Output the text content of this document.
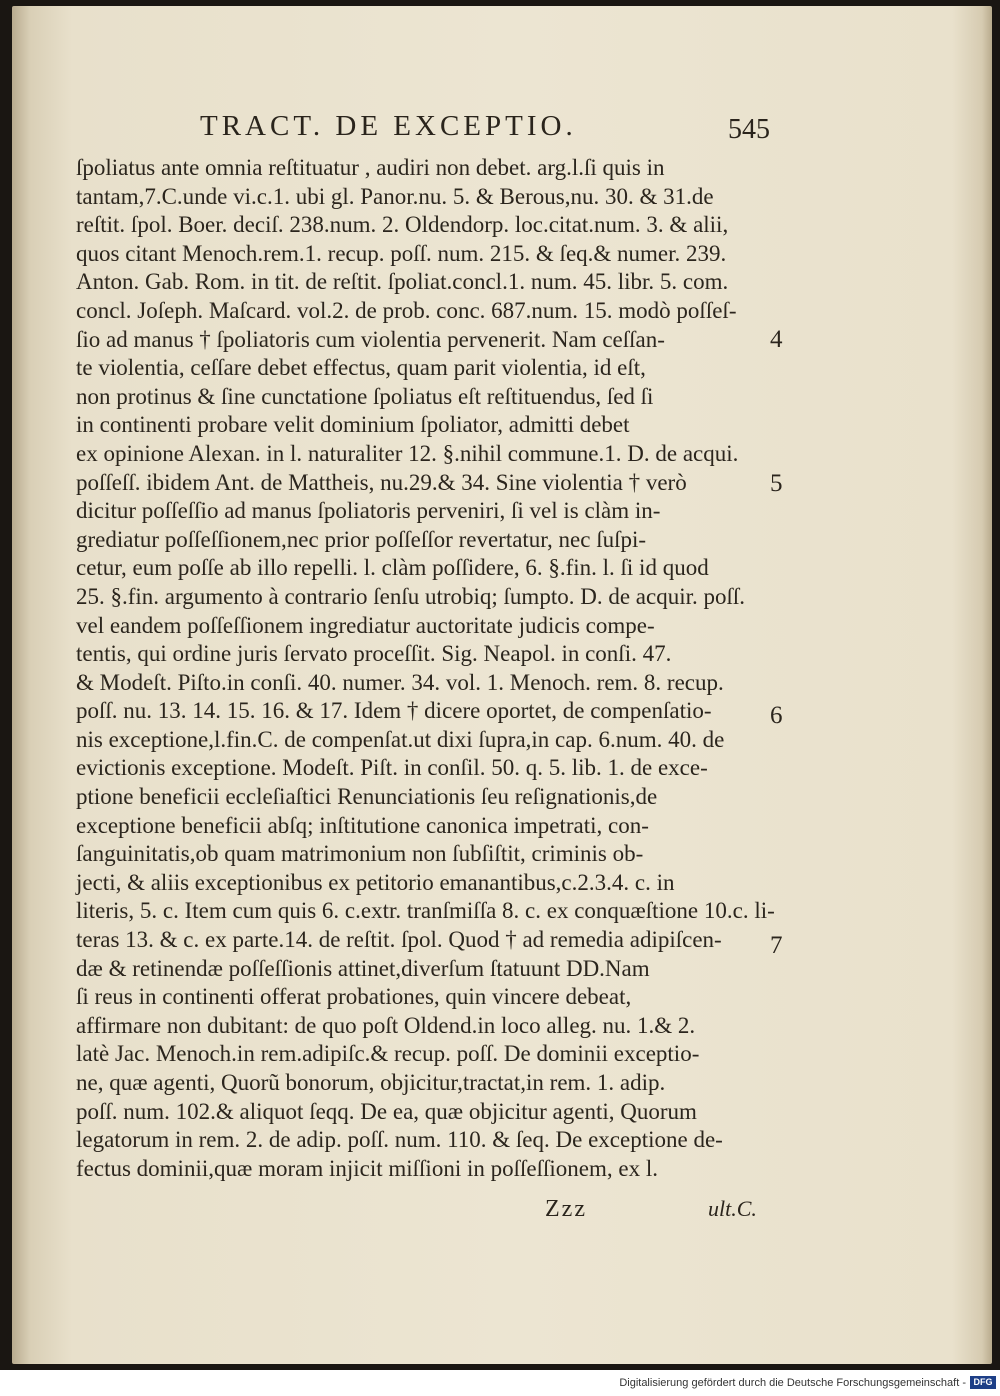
TRACT. DE EXCEPTIO.	545
ſpoliatus ante omnia reſtituatur , audiri non debet. arg.l.ſi quis in
tantam,7.C.unde vi.c.1. ubi gl. Panor.nu. 5. & Berous,nu. 30. & 31.de
reſtit. ſpol. Boer. deciſ. 238.num. 2. Oldendorp. loc.citat.num. 3. & alii,
quos citant Menoch.rem.1. recup. poſſ. num. 215. & ſeq.& numer. 239.
Anton. Gab. Rom. in tit. de reſtit. ſpoliat.concl.1. num. 45. libr. 5. com.
concl. Joſeph. Maſcard. vol.2. de prob. conc. 687.num. 15. modò poſſeſ-
ſio ad manus † ſpoliatoris cum violentia pervenerit. Nam ceſſan-
te violentia, ceſſare debet effectus, quam parit violentia, id eſt,
non protinus & ſine cunctatione ſpoliatus eſt reſtituendus, ſed ſi
in continenti probare velit dominium ſpoliator, admitti debet
ex opinione Alexan. in l. naturaliter 12. §.nihil commune.1. D. de acqui.
poſſeſſ. ibidem Ant. de Mattheis, nu.29.& 34. Sine violentia † verò
dicitur poſſeſſio ad manus ſpoliatoris perveniri, ſi vel is clàm in-
grediatur poſſeſſionem,nec prior poſſeſſor revertatur, nec ſuſpi-
cetur, eum poſſe ab illo repelli. l. clàm poſſidere, 6. §.fin. l. ſi id quod
25. §.fin. argumento à contrario ſenſu utrobiq; ſumpto. D. de acquir. poſſ.
vel eandem poſſeſſionem ingrediatur auctoritate judicis compe-
tentis, qui ordine juris ſervato proceſſit. Sig. Neapol. in conſi. 47.
& Modeſt. Piſto.in conſi. 40. numer. 34. vol. 1. Menoch. rem. 8. recup.
poſſ. nu. 13. 14. 15. 16. & 17. Idem † dicere oportet, de compenſatio-
nis exceptione,l.fin.C. de compenſat.ut dixi ſupra,in cap. 6.num. 40. de
evictionis exceptione. Modeſt. Piſt. in conſil. 50. q. 5. lib. 1. de exce-
ptione beneficii eccleſiaſtici Renunciationis ſeu reſignationis,de
exceptione beneficii abſq; inſtitutione canonica impetrati, con-
ſanguinitatis,ob quam matrimonium non ſubſiſtit, criminis ob-
jecti, & aliis exceptionibus ex petitorio emanantibus,c.2.3.4. c. in
literis, 5. c. Item cum quis 6. c.extr. tranſmiſſa 8. c. ex conquæſtione 10.c. li-
teras 13. & c. ex parte.14. de reſtit. ſpol. Quod † ad remedia adipiſcen-
dæ & retinendæ poſſeſſionis attinet,diverſum ſtatuunt DD.Nam
ſi reus in continenti offerat probationes, quin vincere debeat,
affirmare non dubitant: de quo poſt Oldend.in loco alleg. nu. 1.& 2.
latè Jac. Menoch.in rem.adipiſc.& recup. poſſ. De dominii exceptio-
ne, quæ agenti, Quorũ bonorum, objicitur,tractat,in rem. 1. adip.
poſſ. num. 102.& aliquot ſeqq. De ea, quæ objicitur agenti, Quorum
legatorum in rem. 2. de adip. poſſ. num. 110. & ſeq. De exceptione de-
fectus dominii,quæ moram injicit miſſioni in poſſeſſionem, ex l.
4
5
6
7
Zzz	ult.C.
Digitalisierung gefördert durch die Deutsche Forschungsgemeinschaft - DFG
